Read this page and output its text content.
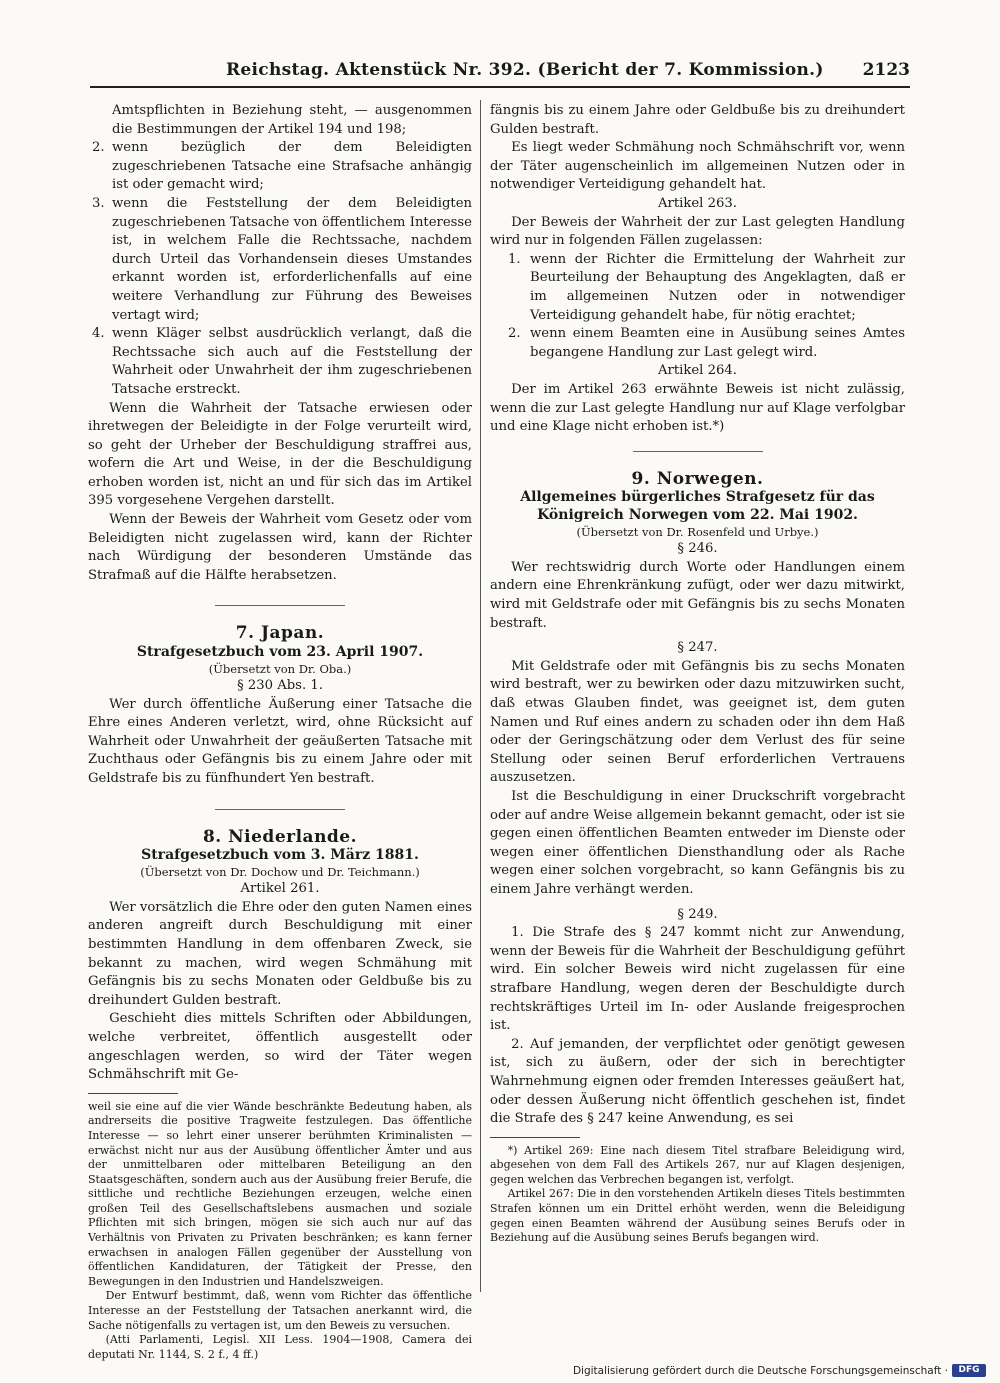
Reichstag. Aktenstück Nr. 392. (Bericht der 7. Kommission.) 2123

Amtspflichten in Beziehung steht, — ausgenommen die Bestimmungen der Artikel 194 und 198;

2. wenn bezüglich der dem Beleidigten zugeschriebenen Tatsache eine Strafsache anhängig ist oder gemacht wird;
3. wenn die Feststellung der dem Beleidigten zugeschriebenen Tatsache von öffentlichem Interesse ist, in welchem Falle die Rechtssache, nachdem durch Urteil das Vorhandensein dieses Umstandes erkannt worden ist, erforderlichenfalls auf eine weitere Verhandlung zur Führung des Beweises vertagt wird;
4. wenn Kläger selbst ausdrücklich verlangt, daß die Rechtssache sich auch auf die Feststellung der Wahrheit oder Unwahrheit der ihm zugeschriebenen Tatsache erstreckt.

Wenn die Wahrheit der Tatsache erwiesen oder ihretwegen der Beleidigte in der Folge verurteilt wird, so geht der Urheber der Beschuldigung straffrei aus, wofern die Art und Weise, in der die Beschuldigung erhoben worden ist, nicht an und für sich das im Artikel 395 vorgesehene Vergehen darstellt.

Wenn der Beweis der Wahrheit vom Gesetz oder vom Beleidigten nicht zugelassen wird, kann der Richter nach Würdigung der besonderen Umstände das Strafmaß auf die Hälfte herabsetzen.

7. Japan.
Strafgesetzbuch vom 23. April 1907.
(Übersetzt von Dr. Oba.)
§ 230 Abs. 1.

Wer durch öffentliche Äußerung einer Tatsache die Ehre eines Anderen verletzt, wird, ohne Rücksicht auf Wahrheit oder Unwahrheit der geäußerten Tatsache mit Zuchthaus oder Gefängnis bis zu einem Jahre oder mit Geldstrafe bis zu fünfhundert Yen bestraft.

8. Niederlande.
Strafgesetzbuch vom 3. März 1881.
(Übersetzt von Dr. Dochow und Dr. Teichmann.)
Artikel 261.

Wer vorsätzlich die Ehre oder den guten Namen eines anderen angreift durch Beschuldigung mit einer bestimmten Handlung in dem offenbaren Zweck, sie bekannt zu machen, wird wegen Schmähung mit Gefängnis bis zu sechs Monaten oder Geldbuße bis zu dreihundert Gulden bestraft.

Geschieht dies mittels Schriften oder Abbildungen, welche verbreitet, öffentlich ausgestellt oder angeschlagen werden, so wird der Täter wegen Schmähschrift mit Ge-

weil sie eine auf die vier Wände beschränkte Bedeutung haben, als andrerseits die positive Tragweite festzulegen. Das öffentliche Interesse — so lehrt einer unserer berühmten Kriminalisten — erwächst nicht nur aus der Ausübung öffentlicher Ämter und aus der unmittelbaren oder mittelbaren Beteiligung an den Staatsgeschäften, sondern auch aus der Ausübung freier Berufe, die sittliche und rechtliche Beziehungen erzeugen, welche einen großen Teil des Gesellschaftslebens ausmachen und soziale Pflichten mit sich bringen, mögen sie sich auch nur auf das Verhältnis von Privaten zu Privaten beschränken; es kann ferner erwachsen in analogen Fällen gegenüber der Ausstellung von öffentlichen Kandidaturen, der Tätigkeit der Presse, den Bewegungen in den Industrien und Handelszweigen.

Der Entwurf bestimmt, daß, wenn vom Richter das öffentliche Interesse an der Feststellung der Tatsachen anerkannt wird, die Sache nötigenfalls zu vertagen ist, um den Beweis zu versuchen.

(Atti Parlamenti, Legisl. XII Less. 1904—1908, Camera dei deputati Nr. 1144, S. 2 f., 4 ff.)

fängnis bis zu einem Jahre oder Geldbuße bis zu dreihundert Gulden bestraft.

Es liegt weder Schmähung noch Schmähschrift vor, wenn der Täter augenscheinlich im allgemeinen Nutzen oder in notwendiger Verteidigung gehandelt hat.

Artikel 263.

Der Beweis der Wahrheit der zur Last gelegten Handlung wird nur in folgenden Fällen zugelassen:

1. wenn der Richter die Ermittelung der Wahrheit zur Beurteilung der Behauptung des Angeklagten, daß er im allgemeinen Nutzen oder in notwendiger Verteidigung gehandelt habe, für nötig erachtet;
2. wenn einem Beamten eine in Ausübung seines Amtes begangene Handlung zur Last gelegt wird.
Artikel 264.

Der im Artikel 263 erwähnte Beweis ist nicht zulässig, wenn die zur Last gelegte Handlung nur auf Klage verfolgbar und eine Klage nicht erhoben ist.*)

9. Norwegen.
Allgemeines bürgerliches Strafgesetz für das
Königreich Norwegen vom 22. Mai 1902.
(Übersetzt von Dr. Rosenfeld und Urbye.)
§ 246.

Wer rechtswidrig durch Worte oder Handlungen einem andern eine Ehrenkränkung zufügt, oder wer dazu mitwirkt, wird mit Geldstrafe oder mit Gefängnis bis zu sechs Monaten bestraft.

§ 247.

Mit Geldstrafe oder mit Gefängnis bis zu sechs Monaten wird bestraft, wer zu bewirken oder dazu mitzuwirken sucht, daß etwas Glauben findet, was geeignet ist, dem guten Namen und Ruf eines andern zu schaden oder ihn dem Haß oder der Geringschätzung oder dem Verlust des für seine Stellung oder seinen Beruf erforderlichen Vertrauens auszusetzen.

Ist die Beschuldigung in einer Druckschrift vorgebracht oder auf andre Weise allgemein bekannt gemacht, oder ist sie gegen einen öffentlichen Beamten entweder im Dienste oder wegen einer öffentlichen Diensthandlung oder als Rache wegen einer solchen vorgebracht, so kann Gefängnis bis zu einem Jahre verhängt werden.

§ 249.

1. Die Strafe des § 247 kommt nicht zur Anwendung, wenn der Beweis für die Wahrheit der Beschuldigung geführt wird. Ein solcher Beweis wird nicht zugelassen für eine strafbare Handlung, wegen deren der Beschuldigte durch rechtskräftiges Urteil im In- oder Auslande freigesprochen ist.

2. Auf jemanden, der verpflichtet oder genötigt gewesen ist, sich zu äußern, oder der sich in berechtigter Wahrnehmung eignen oder fremden Interesses geäußert hat, oder dessen Äußerung nicht öffentlich geschehen ist, findet die Strafe des § 247 keine Anwendung, es sei

*) Artikel 269: Eine nach diesem Titel strafbare Beleidigung wird, abgesehen von dem Fall des Artikels 267, nur auf Klagen desjenigen, gegen welchen das Verbrechen begangen ist, verfolgt.

Artikel 267: Die in den vorstehenden Artikeln dieses Titels bestimmten Strafen können um ein Drittel erhöht werden, wenn die Beleidigung gegen einen Beamten während der Ausübung seines Berufs oder in Beziehung auf die Ausübung seines Berufs begangen wird.

Digitalisierung gefördert durch die Deutsche Forschungsgemeinschaft ·	DFG
